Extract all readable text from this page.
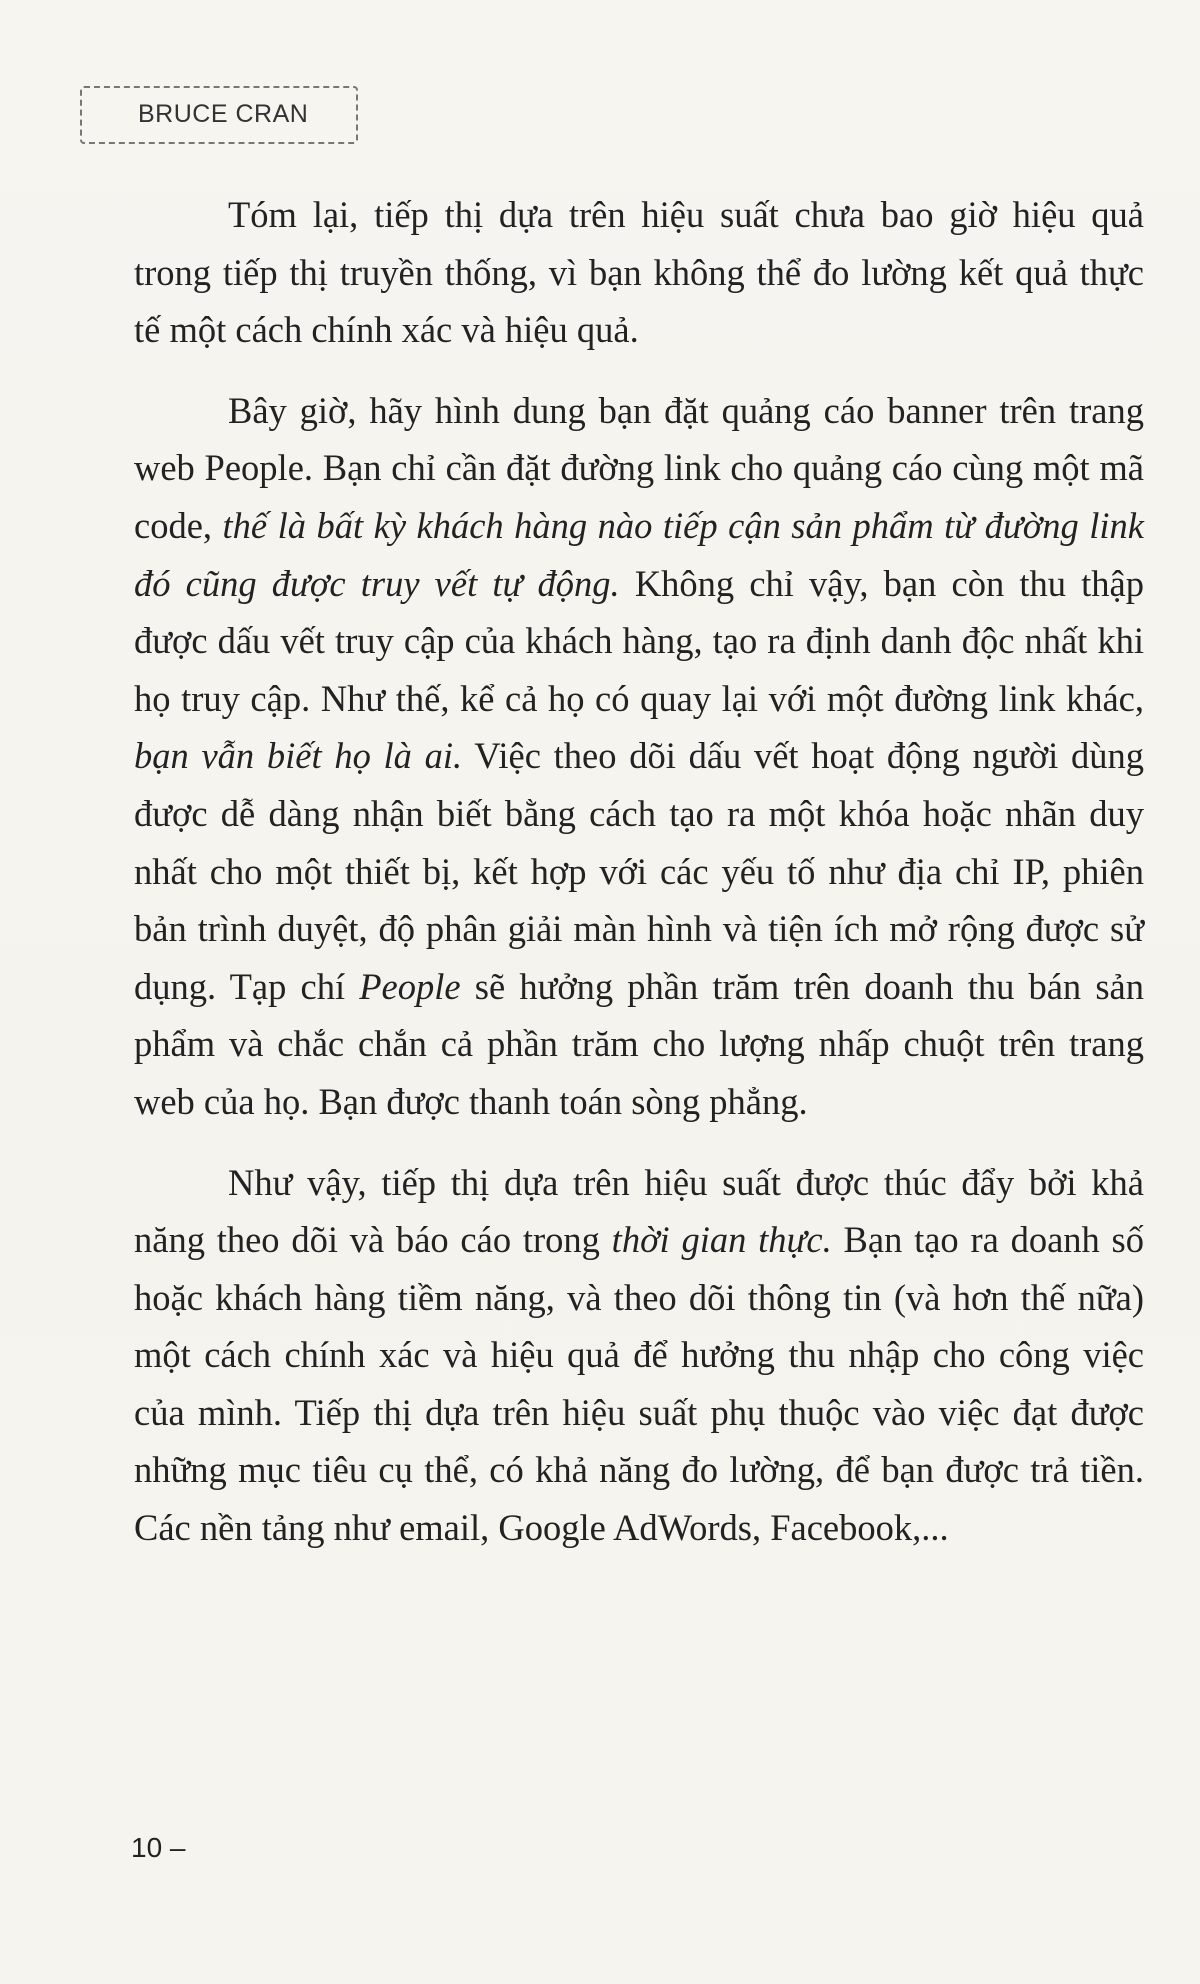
BRUCE CRAN

Tóm lại, tiếp thị dựa trên hiệu suất chưa bao giờ hiệu quả trong tiếp thị truyền thống, vì bạn không thể đo lường kết quả thực tế một cách chính xác và hiệu quả.

Bây giờ, hãy hình dung bạn đặt quảng cáo banner trên trang web People. Bạn chỉ cần đặt đường link cho quảng cáo cùng một mã code, thế là bất kỳ khách hàng nào tiếp cận sản phẩm từ đường link đó cũng được truy vết tự động. Không chỉ vậy, bạn còn thu thập được dấu vết truy cập của khách hàng, tạo ra định danh độc nhất khi họ truy cập. Như thế, kể cả họ có quay lại với một đường link khác, bạn vẫn biết họ là ai. Việc theo dõi dấu vết hoạt động người dùng được dễ dàng nhận biết bằng cách tạo ra một khóa hoặc nhãn duy nhất cho một thiết bị, kết hợp với các yếu tố như địa chỉ IP, phiên bản trình duyệt, độ phân giải màn hình và tiện ích mở rộng được sử dụng. Tạp chí People sẽ hưởng phần trăm trên doanh thu bán sản phẩm và chắc chắn cả phần trăm cho lượng nhấp chuột trên trang web của họ. Bạn được thanh toán sòng phẳng.

Như vậy, tiếp thị dựa trên hiệu suất được thúc đẩy bởi khả năng theo dõi và báo cáo trong thời gian thực. Bạn tạo ra doanh số hoặc khách hàng tiềm năng, và theo dõi thông tin (và hơn thế nữa) một cách chính xác và hiệu quả để hưởng thu nhập cho công việc của mình. Tiếp thị dựa trên hiệu suất phụ thuộc vào việc đạt được những mục tiêu cụ thể, có khả năng đo lường, để bạn được trả tiền. Các nền tảng như email, Google AdWords, Facebook,...

10 –
